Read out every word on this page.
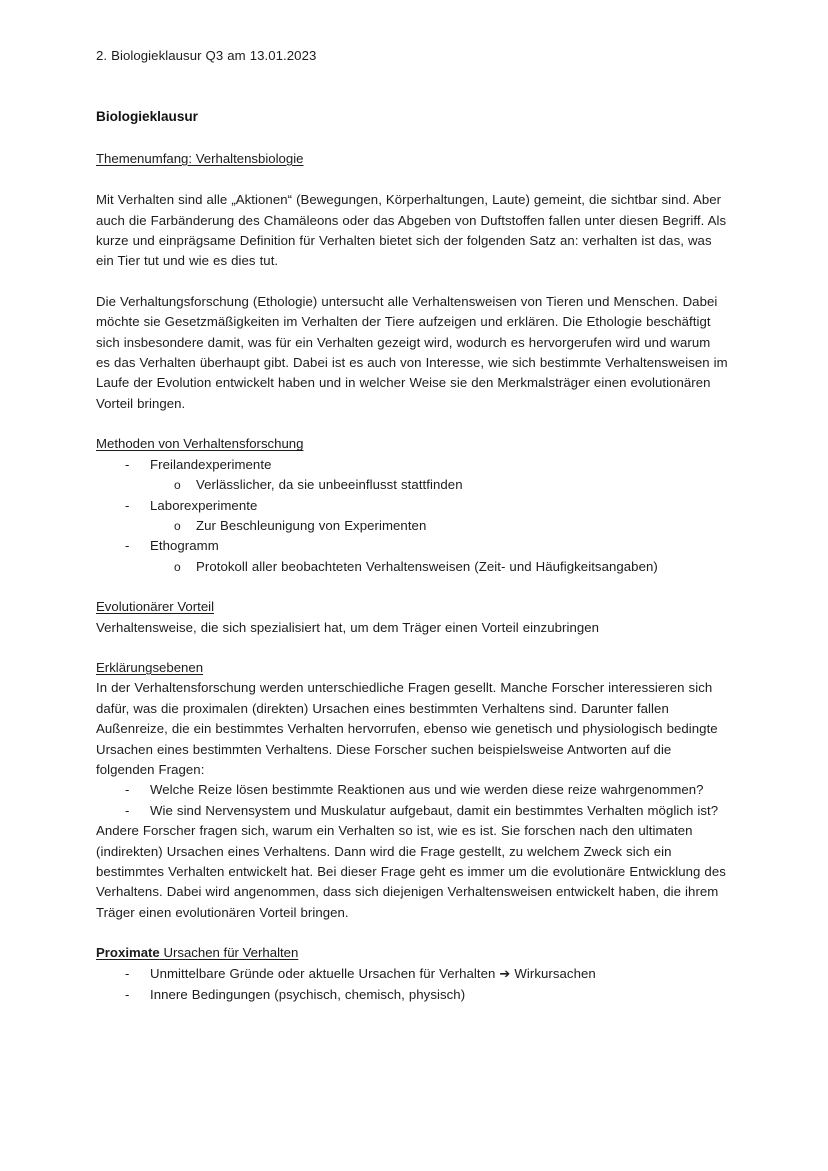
2. Biologieklausur Q3 am 13.01.2023

Biologieklausur

Themenumfang: Verhaltensbiologie

Mit Verhalten sind alle „Aktionen“ (Bewegungen, Körperhaltungen, Laute) gemeint, die sichtbar sind. Aber auch die Farbänderung des Chamäleons oder das Abgeben von Duftstoffen fallen unter diesen Begriff. Als kurze und einprägsame Definition für Verhalten bietet sich der folgenden Satz an: verhalten ist das, was ein Tier tut und wie es dies tut.

Die Verhaltungsforschung (Ethologie) untersucht alle Verhaltensweisen von Tieren und Menschen. Dabei möchte sie Gesetzmäßigkeiten im Verhalten der Tiere aufzeigen und erklären. Die Ethologie beschäftigt sich insbesondere damit, was für ein Verhalten gezeigt wird, wodurch es hervorgerufen wird und warum es das Verhalten überhaupt gibt. Dabei ist es auch von Interesse, wie sich bestimmte Verhaltensweisen im Laufe der Evolution entwickelt haben und in welcher Weise sie den Merkmalsträger einen evolutionären Vorteil bringen.

Methoden von Verhaltensforschung

- Freilandexperimente
o Verlässlicher, da sie unbeeinflusst stattfinden
- Laborexperimente
o Zur Beschleunigung von Experimenten
- Ethogramm
o Protokoll aller beobachteten Verhaltensweisen (Zeit- und Häufigkeitsangaben)

Evolutionärer Vorteil

Verhaltensweise, die sich spezialisiert hat, um dem Träger einen Vorteil einzubringen

Erklärungsebenen

In der Verhaltensforschung werden unterschiedliche Fragen gesellt. Manche Forscher interessieren sich dafür, was die proximalen (direkten) Ursachen eines bestimmten Verhaltens sind. Darunter fallen Außenreize, die ein bestimmtes Verhalten hervorrufen, ebenso wie genetisch und physiologisch bedingte Ursachen eines bestimmten Verhaltens. Diese Forscher suchen beispielsweise Antworten auf die folgenden Fragen:

- Welche Reize lösen bestimmte Reaktionen aus und wie werden diese reize wahrgenommen?
- Wie sind Nervensystem und Muskulatur aufgebaut, damit ein bestimmtes Verhalten möglich ist?

Andere Forscher fragen sich, warum ein Verhalten so ist, wie es ist. Sie forschen nach den ultimaten (indirekten) Ursachen eines Verhaltens. Dann wird die Frage gestellt, zu welchem Zweck sich ein bestimmtes Verhalten entwickelt hat. Bei dieser Frage geht es immer um die evolutionäre Entwicklung des Verhaltens. Dabei wird angenommen, dass sich diejenigen Verhaltensweisen entwickelt haben, die ihrem Träger einen evolutionären Vorteil bringen.

Proximate Ursachen für Verhalten

- Unmittelbare Gründe oder aktuelle Ursachen für Verhalten ➔ Wirkursachen
- Innere Bedingungen (psychisch, chemisch, physisch)
